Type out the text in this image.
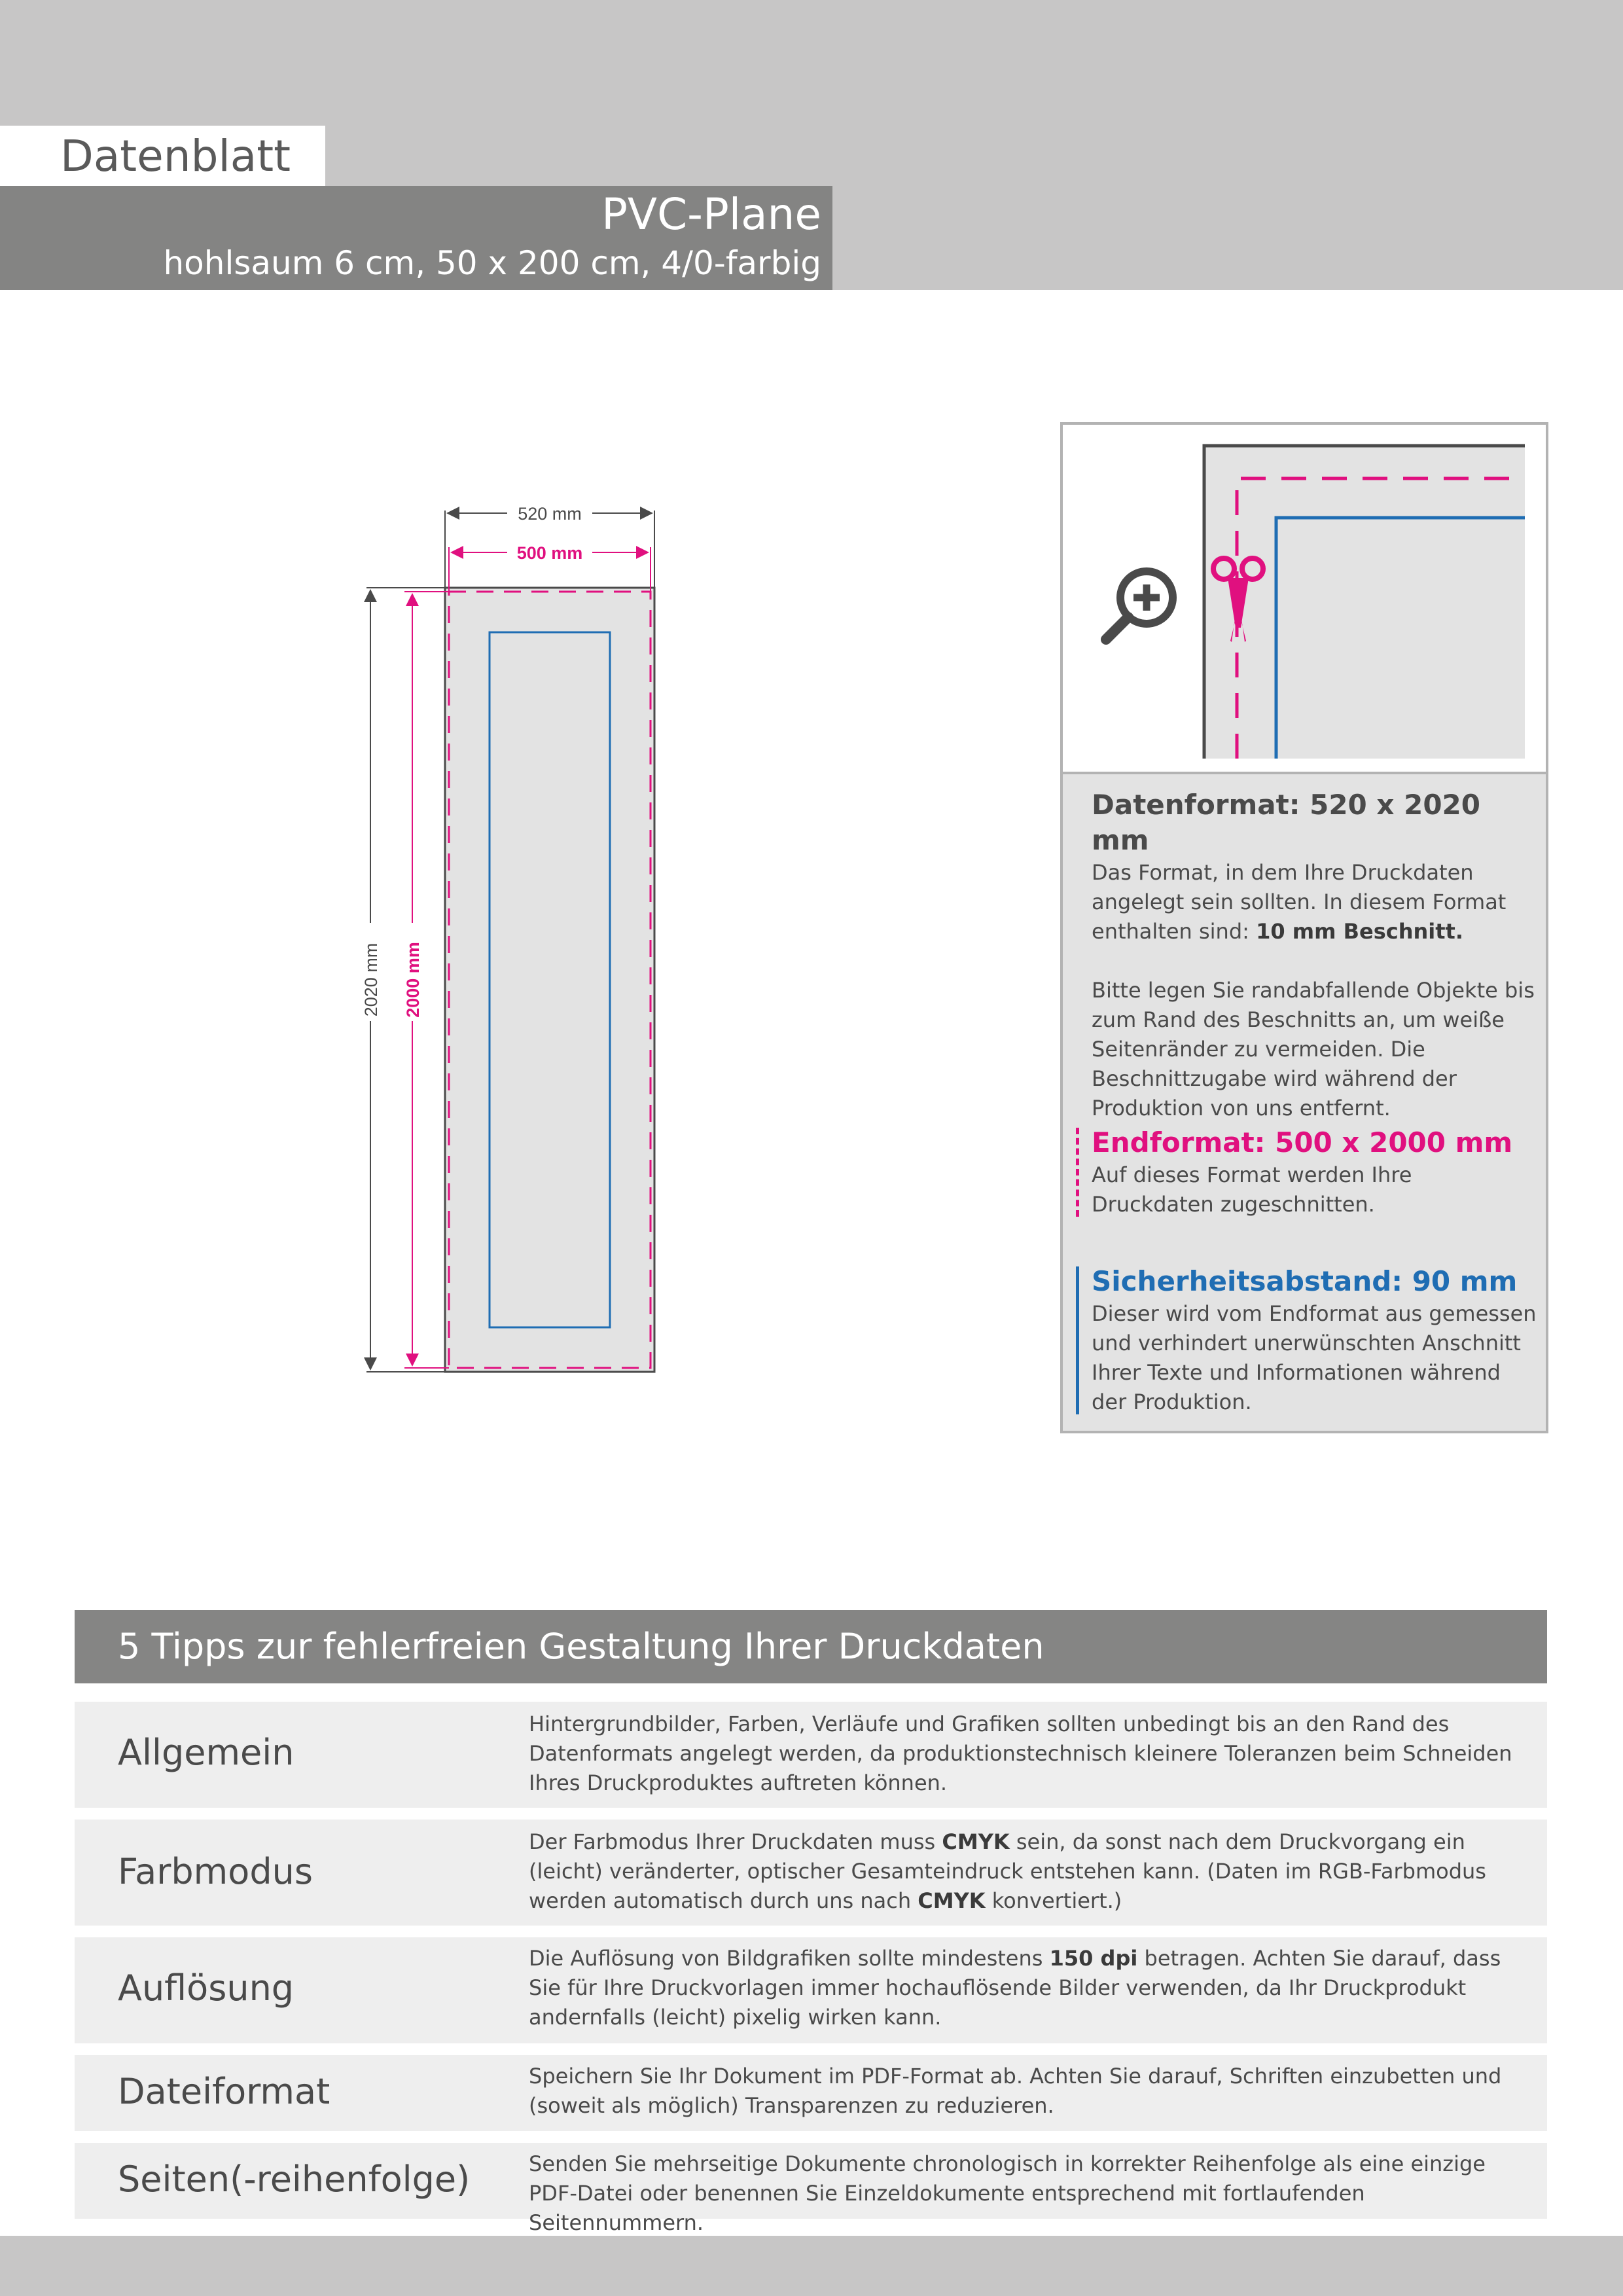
Datenblatt
PVC-Plane
hohlsaum 6 cm, 50 x 200 cm, 4/0-farbig
520 mm
500 mm
2020 mm 2000 mm
Datenformat: 520 x 2020 mm
Das Format, in dem Ihre Druckdaten angelegt sein sollten. In diesem Format enthalten sind: 10 mm Beschnitt.
Bitte legen Sie randabfallende Objekte bis zum Rand des Beschnitts an, um weiße Seitenränder zu vermeiden. Die Beschnittzugabe wird während der Produktion von uns entfernt.
Endformat: 500 x 2000 mm
Auf dieses Format werden Ihre Druckdaten zugeschnitten.
Sicherheitsabstand: 90 mm
Dieser wird vom Endformat aus gemessen und verhindert unerwünschten Anschnitt Ihrer Texte und Informationen während der Produktion.
5 Tipps zur fehlerfreien Gestaltung Ihrer Druckdaten
Allgemein
Hintergrundbilder, Farben, Verläufe und Grafiken sollten unbedingt bis an den Rand des Datenformats angelegt werden, da produktionstechnisch kleinere Toleranzen beim Schneiden Ihres Druckproduktes auftreten können.
Farbmodus
Der Farbmodus Ihrer Druckdaten muss CMYK sein, da sonst nach dem Druckvorgang ein (leicht) veränderter, optischer Gesamteindruck entstehen kann. (Daten im RGB-Farbmodus werden automatisch durch uns nach CMYK konvertiert.)
Auflösung
Die Auflösung von Bildgrafiken sollte mindestens 150 dpi betragen. Achten Sie darauf, dass Sie für Ihre Druckvorlagen immer hochauflösende Bilder verwenden, da Ihr Druckprodukt andernfalls (leicht) pixelig wirken kann.
Dateiformat	Speichern Sie Ihr Dokument im PDF-Format ab. Achten Sie darauf, Schriften einzubetten und (soweit als möglich) Transparenzen zu reduzieren.
Seiten(-reihenfolge)	Senden Sie mehrseitige Dokumente chronologisch in korrekter Reihenfolge als eine einzige PDF-Datei oder benennen Sie Einzeldokumente entsprechend mit fortlaufenden Seitennummern.
